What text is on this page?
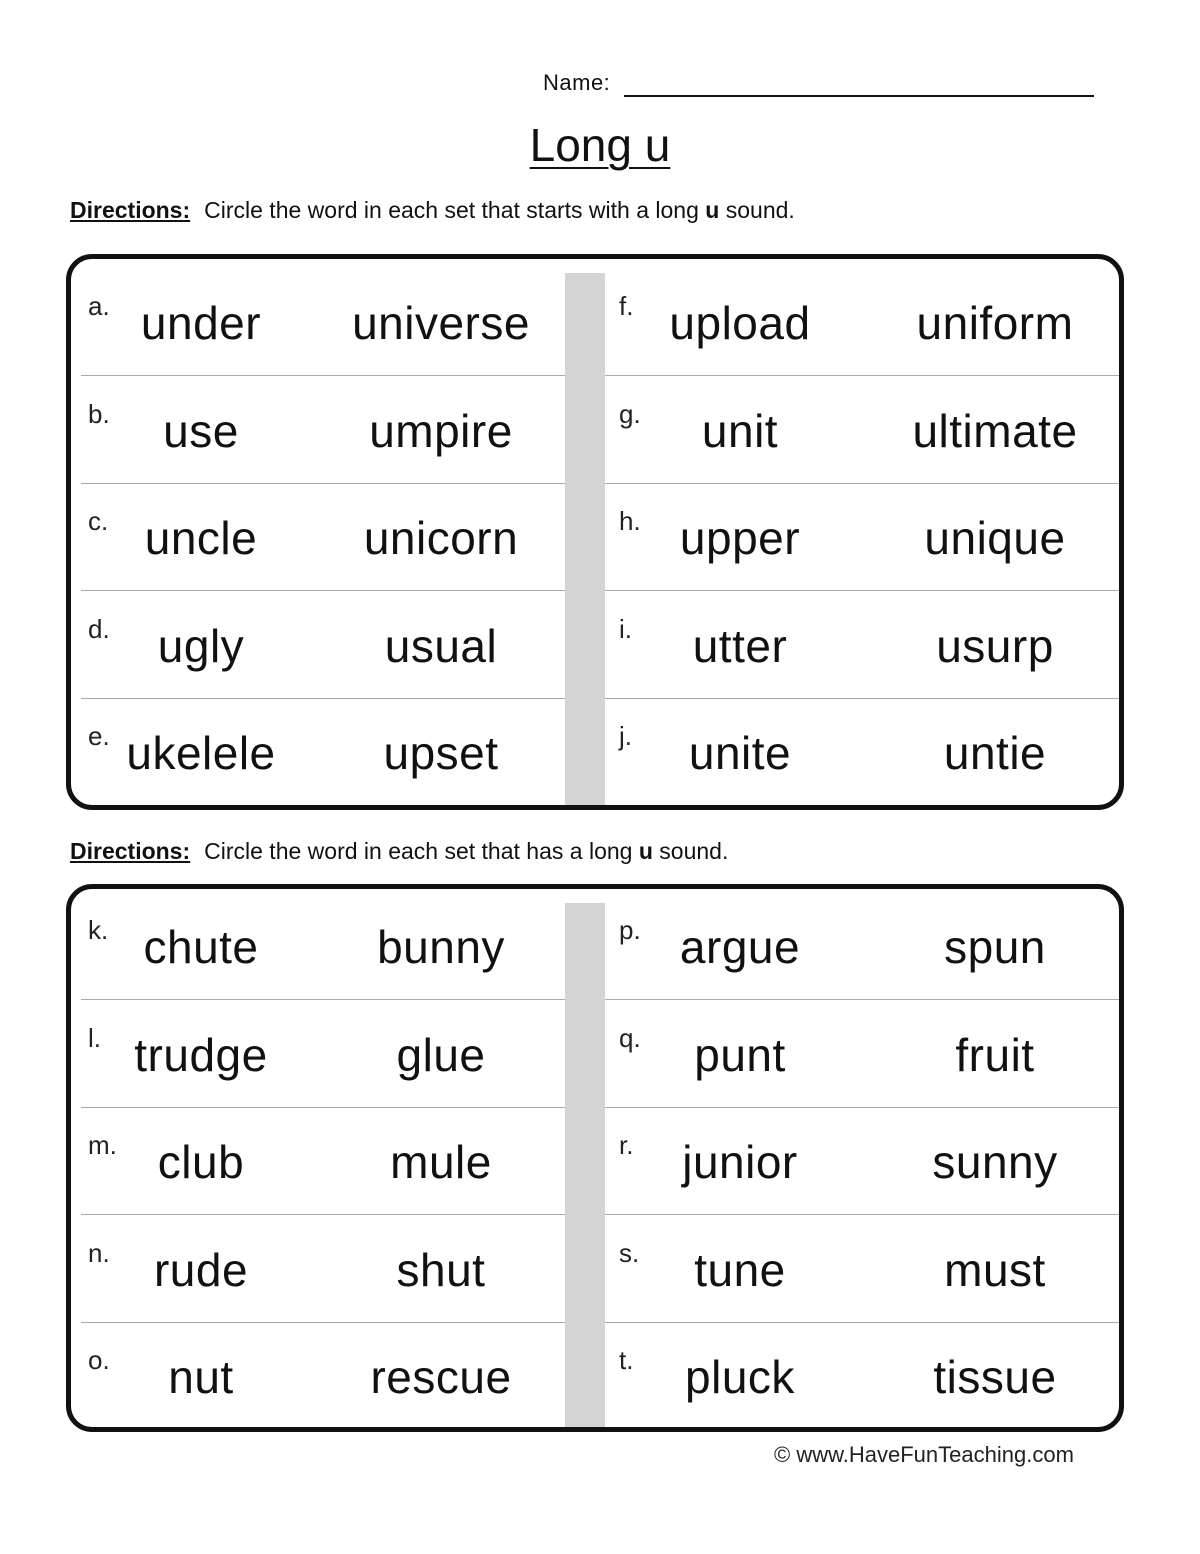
Name:
Long u
Directions: Circle the word in each set that starts with a long u sound.
a. under	universe
b.	use	umpire
c. uncle	unicorn
d.	ugly	usual
e. ukelele	upset
f. upload	uniform
g.	unit	ultimate
h. upper	unique
i.	utter	usurp
j.	unite	untie
Directions: Circle the word in each set that has a long u sound.
k. chute	bunny
l. trudge	glue
m. club	mule
n. rude	shut
o.	nut	rescue
p. argue	spun
q.	punt	fruit
r.	junior	sunny
s.	tune	must
t.	pluck	tissue
© www.HaveFunTeaching.com
